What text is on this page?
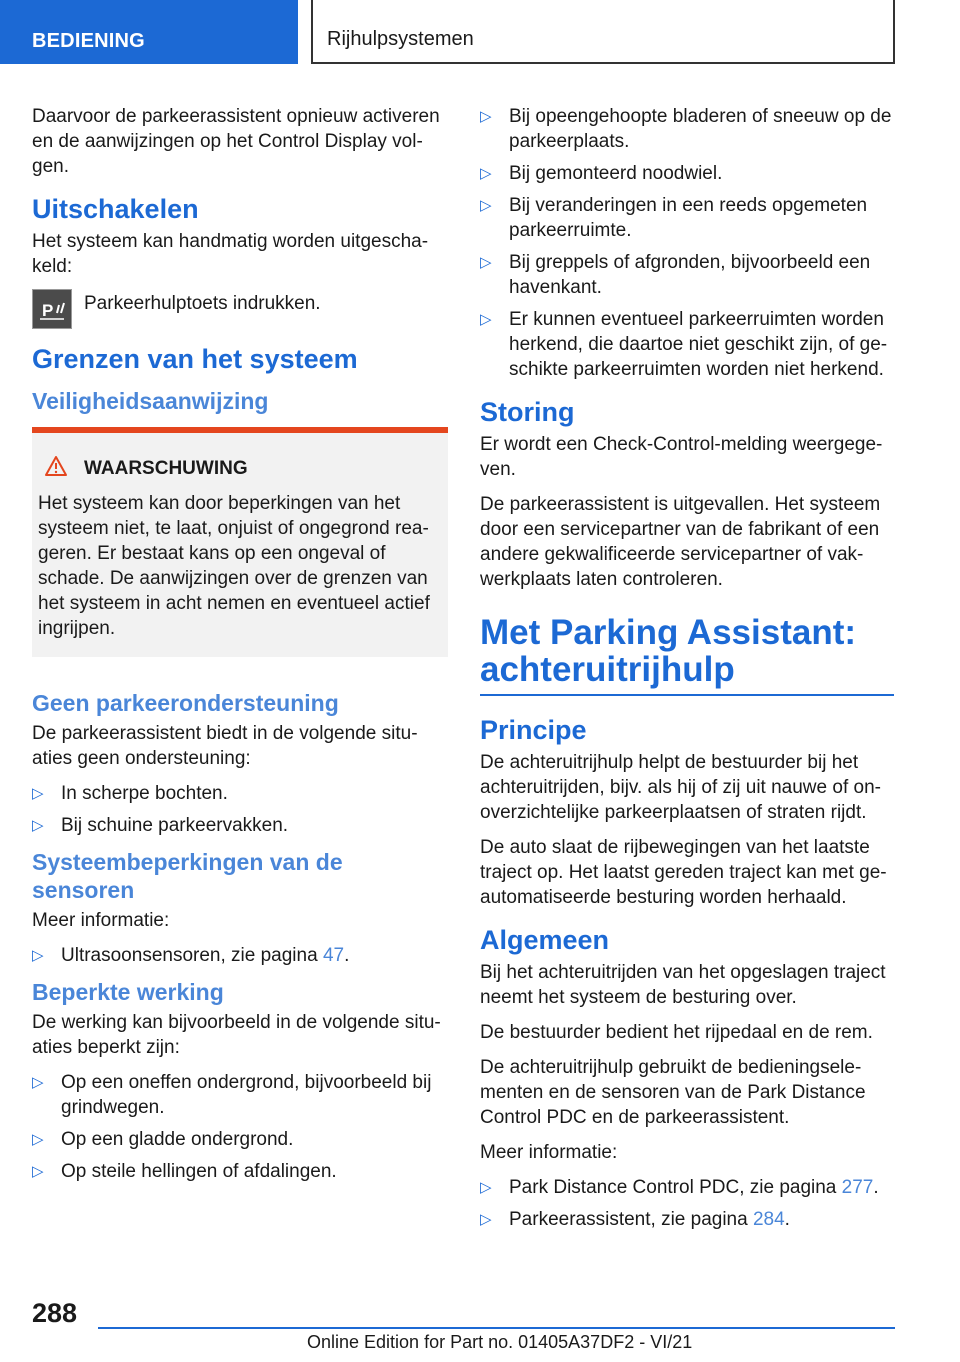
BEDIENING	Rijhulpsystemen

Daarvoor de parkeerassistent opnieuw activeren en de aanwijzingen op het Control Display volgen.

Uitschakelen

Het systeem kan handmatig worden uitgeschakeld:

P Parkeerhulptoets indrukken.

Grenzen van het systeem
Veiligheidsaanwijzing
WAARSCHUWING

Het systeem kan door beperkingen van het systeem niet, te laat, onjuist of ongegrond reageren. Er bestaat kans op een ongeval of schade. De aanwijzingen over de grenzen van het systeem in acht nemen en eventueel actief ingrijpen.

Geen parkeerondersteuning

De parkeerassistent biedt in de volgende situaties geen ondersteuning:

▷ In scherpe bochten.
▷ Bij schuine parkeervakken.
Systeembeperkingen van de sensoren

Meer informatie:

▷ Ultrasoonsensoren, zie pagina 47.
Beperkte werking

De werking kan bijvoorbeeld in de volgende situaties beperkt zijn:

▷ Op een oneffen ondergrond, bijvoorbeeld bij grindwegen.
▷ Op een gladde ondergrond.
▷ Op steile hellingen of afdalingen.
▷ Bij opeengehoopte bladeren of sneeuw op de parkeerplaats.
▷ Bij gemonteerd noodwiel.
▷ Bij veranderingen in een reeds opgemeten parkeerruimte.
▷ Bij greppels of afgronden, bijvoorbeeld een havenkant.
▷ Er kunnen eventueel parkeerruimten worden herkend, die daartoe niet geschikt zijn, of geschikte parkeerruimten worden niet herkend.
Storing

Er wordt een Check-Control-melding weergegeven.

De parkeerassistent is uitgevallen. Het systeem door een servicepartner van de fabrikant of een andere gekwalificeerde servicepartner of vakwerkplaats laten controleren.

Met Parking Assistant: achteruitrijhulp
Principe

De achteruitrijhulp helpt de bestuurder bij het achteruitrijden, bijv. als hij of zij uit nauwe of onoverzichtelijke parkeerplaatsen of straten rijdt.

De auto slaat de rijbewegingen van het laatste traject op. Het laatst gereden traject kan met geautomatiseerde besturing worden herhaald.

Algemeen

Bij het achteruitrijden van het opgeslagen traject neemt het systeem de besturing over.

De bestuurder bedient het rijpedaal en de rem.

De achteruitrijhulp gebruikt de bedieningselementen en de sensoren van de Park Distance Control PDC en de parkeerassistent.

Meer informatie:

▷ Park Distance Control PDC, zie pagina 277.
▷ Parkeerassistent, zie pagina 284.
288
Online Edition for Part no. 01405A37DF2 - VI/21
